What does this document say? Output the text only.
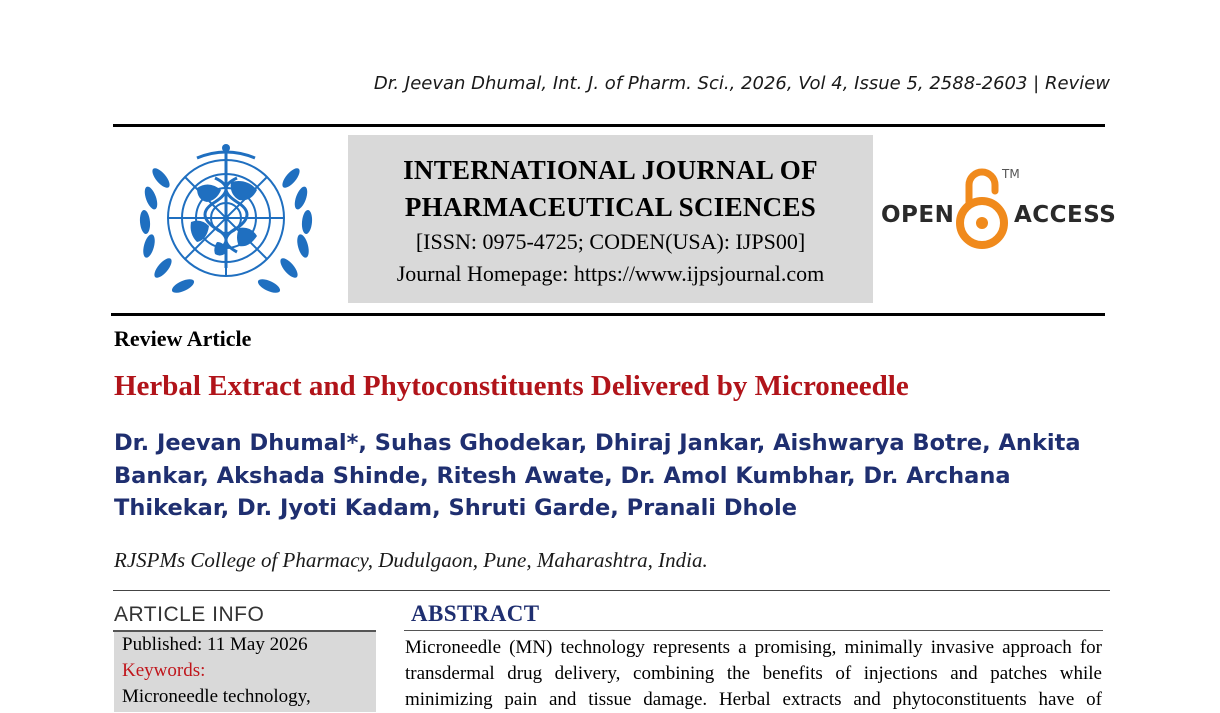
Dr. Jeevan Dhumal, Int. J. of Pharm. Sci., 2026, Vol 4, Issue 5, 2588-2603 | Review
INTERNATIONAL JOURNAL OF
PHARMACEUTICAL SCIENCES
[ISSN: 0975-4725; CODEN(USA): IJPS00]
Journal Homepage: https://www.ijpsjournal.com
OPEN	ACCESS
TM
Review Article
Herbal Extract and Phytoconstituents Delivered by Microneedle
Dr. Jeevan Dhumal*, Suhas Ghodekar, Dhiraj Jankar, Aishwarya Botre, Ankita Bankar, Akshada Shinde, Ritesh Awate, Dr. Amol Kumbhar, Dr. Archana Thikekar, Dr. Jyoti Kadam, Shruti Garde, Pranali Dhole
RJSPMs College of Pharmacy, Dudulgaon, Pune, Maharashtra, India.
ARTICLE INFO
Published: 11 May 2026
Keywords:
Microneedle technology,
ABSTRACT
Microneedle (MN) technology represents a promising, minimally invasive approach for
transdermal drug delivery, combining the benefits of injections and patches while
minimizing pain and tissue damage. Herbal extracts and phytoconstituents have of
